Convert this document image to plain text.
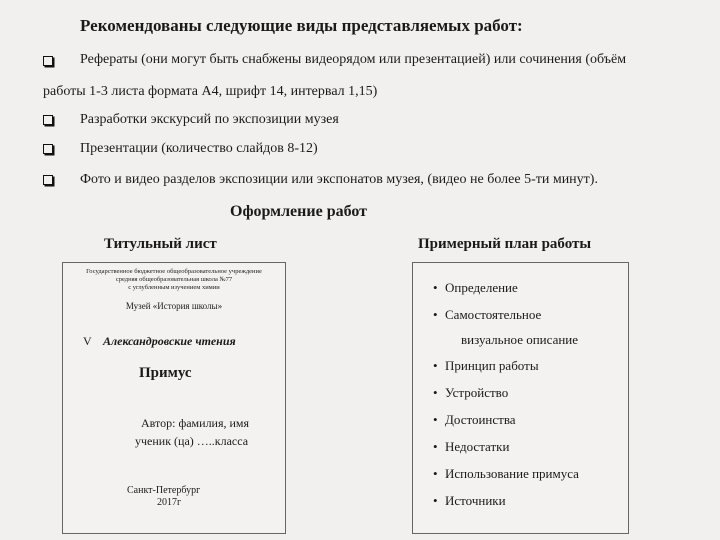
Рекомендованы следующие виды представляемых работ:
Рефераты (они могут быть снабжены видеорядом или презентацией) или сочинения (объём
работы 1-3 листа формата А4, шрифт 14, интервал 1,15)
Разработки экскурсий по экспозиции музея
Презентации (количество слайдов 8-12)
Фото и видео разделов экспозиции или экспонатов музея, (видео не более 5-ти минут).
Оформление работ
Титульный лист	Примерный план работы
Государственное бюджетное общеобразовательное учреждение
средняя общеобразовательная школа №77
с углубленным изучением химии
Музей «История школы»
V Александровские чтения
Примус
Автор: фамилия, имя
ученик (ца) …..класса
Санкт-Петербург
2017г
• Определение
• Самостоятельное
визуальное описание
• Принцип работы
• Устройство
• Достоинства
• Недостатки
• Использование примуса
• Источники
